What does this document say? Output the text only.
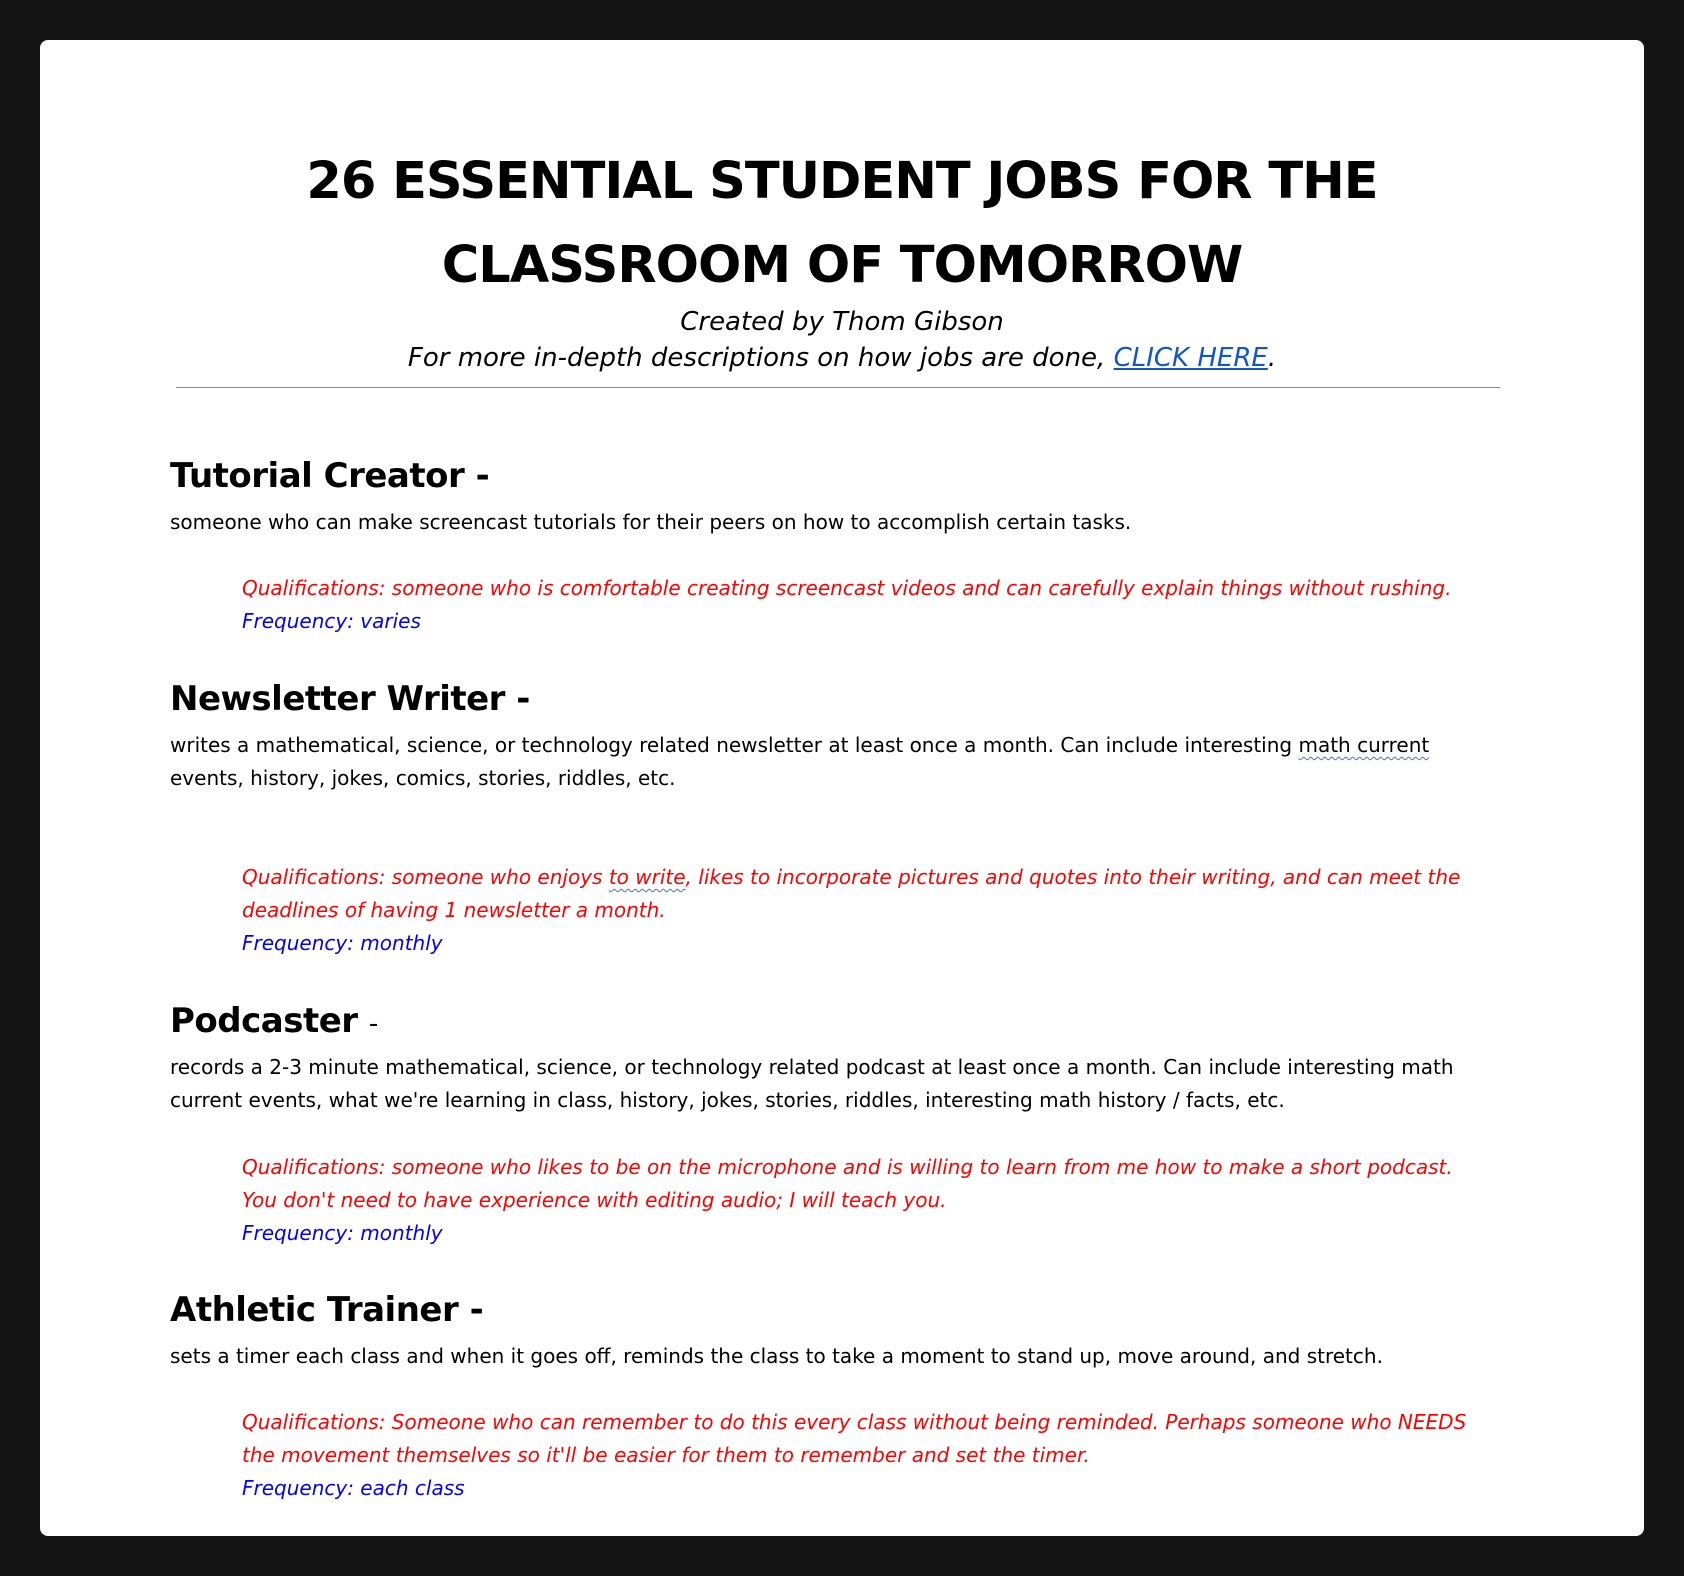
26 ESSENTIAL STUDENT JOBS FOR THE
CLASSROOM OF TOMORROW
Created by Thom Gibson
For more in-depth descriptions on how jobs are done, CLICK HERE.
Tutorial Creator -

someone who can make screencast tutorials for their peers on how to accomplish certain tasks.

Qualifications: someone who is comfortable creating screencast videos and can carefully explain things without rushing.

Frequency: varies

Newsletter Writer -

writes a mathematical, science, or technology related newsletter at least once a month. Can include interesting math current
events, history, jokes, comics, stories, riddles, etc.

Qualifications: someone who enjoys to write, likes to incorporate pictures and quotes into their writing, and can meet the
deadlines of having 1 newsletter a month.

Frequency: monthly

Podcaster -

records a 2-3 minute mathematical, science, or technology related podcast at least once a month. Can include interesting math
current events, what we're learning in class, history, jokes, stories, riddles, interesting math history / facts, etc.

Qualifications: someone who likes to be on the microphone and is willing to learn from me how to make a short podcast.
You don't need to have experience with editing audio; I will teach you.

Frequency: monthly

Athletic Trainer -

sets a timer each class and when it goes off, reminds the class to take a moment to stand up, move around, and stretch.

Qualifications: Someone who can remember to do this every class without being reminded. Perhaps someone who NEEDS
the movement themselves so it'll be easier for them to remember and set the timer.

Frequency: each class
